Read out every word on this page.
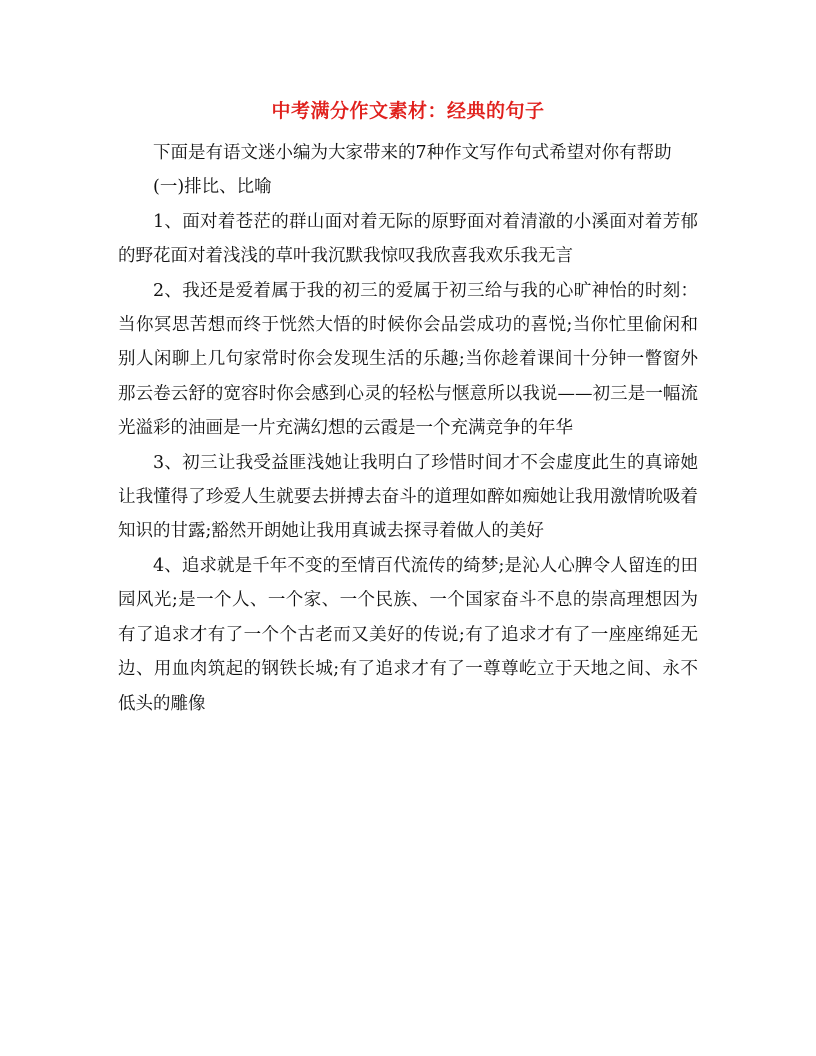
中考满分作文素材：经典的句子

下面是有语文迷小编为大家带来的7种作文写作句式希望对你有帮助

(一)排比、比喻

1、面对着苍茫的群山面对着无际的原野面对着清澈的小溪面对着芳郁的野花面对着浅浅的草叶我沉默我惊叹我欣喜我欢乐我无言

2、我还是爱着属于我的初三的爱属于初三给与我的心旷神怡的时刻：当你冥思苦想而终于恍然大悟的时候你会品尝成功的喜悦;当你忙里偷闲和别人闲聊上几句家常时你会发现生活的乐趣;当你趁着课间十分钟一瞥窗外那云卷云舒的宽容时你会感到心灵的轻松与惬意所以我说——初三是一幅流光溢彩的油画是一片充满幻想的云霞是一个充满竞争的年华

3、初三让我受益匪浅她让我明白了珍惜时间才不会虚度此生的真谛她让我懂得了珍爱人生就要去拼搏去奋斗的道理如醉如痴她让我用激情吮吸着知识的甘露;豁然开朗她让我用真诚去探寻着做人的美好

4、追求就是千年不变的至情百代流传的绮梦;是沁人心脾令人留连的田园风光;是一个人、一个家、一个民族、一个国家奋斗不息的崇高理想因为有了追求才有了一个个古老而又美好的传说;有了追求才有了一座座绵延无边、用血肉筑起的钢铁长城;有了追求才有了一尊尊屹立于天地之间、永不低头的雕像
